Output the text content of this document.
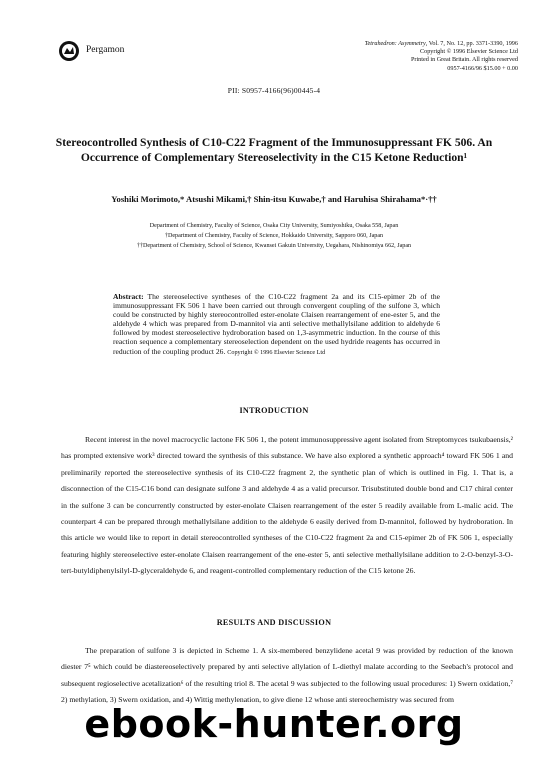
Pergamon
Tetrahedron: Asymmetry, Vol. 7, No. 12, pp. 3371-3390, 1996
Copyright © 1996 Elsevier Science Ltd
Printed in Great Britain. All rights reserved
0957-4166/96 $15.00 + 0.00
PII: S0957-4166(96)00445-4
Stereocontrolled Synthesis of C10-C22 Fragment of the Immunosuppressant FK 506. An Occurrence of Complementary Stereoselectivity in the C15 Ketone Reduction¹
Yoshiki Morimoto,* Atsushi Mikami,† Shin-itsu Kuwabe,† and Haruhisa Shirahama*·††
Department of Chemistry, Faculty of Science, Osaka City University, Sumiyoshiku, Osaka 558, Japan
†Department of Chemistry, Faculty of Science, Hokkaido University, Sapporo 060, Japan
††Department of Chemistry, School of Science, Kwansei Gakuin University, Uegahara, Nishinomiya 662, Japan
Abstract: The stereoselective syntheses of the C10-C22 fragment 2a and its C15-epimer 2b of the immunosuppressant FK 506 1 have been carried out through convergent coupling of the sulfone 3, which could be constructed by highly stereocontrolled ester-enolate Claisen rearrangement of ene-ester 5, and the aldehyde 4 which was prepared from D-mannitol via anti selective methallylsilane addition to aldehyde 6 followed by modest stereoselective hydroboration based on 1,3-asymmetric induction. In the course of this reaction sequence a complementary stereoselection dependent on the used hydride reagents has occurred in reduction of the coupling product 26. Copyright © 1996 Elsevier Science Ltd
INTRODUCTION
Recent interest in the novel macrocyclic lactone FK 506 1, the potent immunosuppressive agent isolated from Streptomyces tsukubaensis,² has prompted extensive work³ directed toward the synthesis of this substance. We have also explored a synthetic approach⁴ toward FK 506 1 and preliminarily reported the stereoselective synthesis of its C10-C22 fragment 2, the synthetic plan of which is outlined in Fig. 1. That is, a disconnection of the C15-C16 bond can designate sulfone 3 and aldehyde 4 as a valid precursor. Trisubstituted double bond and C17 chiral center in the sulfone 3 can be concurrently constructed by ester-enolate Claisen rearrangement of the ester 5 readily available from L-malic acid. The counterpart 4 can be prepared through methallylsilane addition to the aldehyde 6 easily derived from D-mannitol, followed by hydroboration. In this article we would like to report in detail stereocontrolled syntheses of the C10-C22 fragment 2a and C15-epimer 2b of FK 506 1, especially featuring highly stereoselective ester-enolate Claisen rearrangement of the ene-ester 5, anti selective methallylsilane addition to 2-O-benzyl-3-O-tert-butyldiphenylsilyl-D-glyceraldehyde 6, and reagent-controlled complementary reduction of the C15 ketone 26.
RESULTS AND DISCUSSION
The preparation of sulfone 3 is depicted in Scheme 1. A six-membered benzylidene acetal 9 was provided by reduction of the known diester 7⁵ which could be diastereoselectively prepared by anti selective allylation of L-diethyl malate according to the Seebach's protocol and subsequent regioselective acetalization⁶ of the resulting triol 8. The acetal 9 was subjected to the following usual procedures: 1) Swern oxidation,⁷ 2) methylation, 3) Swern oxidation, and 4) Wittig methylenation, to give diene 12 whose anti stereochemistry was secured from
ebook-hunter.org
